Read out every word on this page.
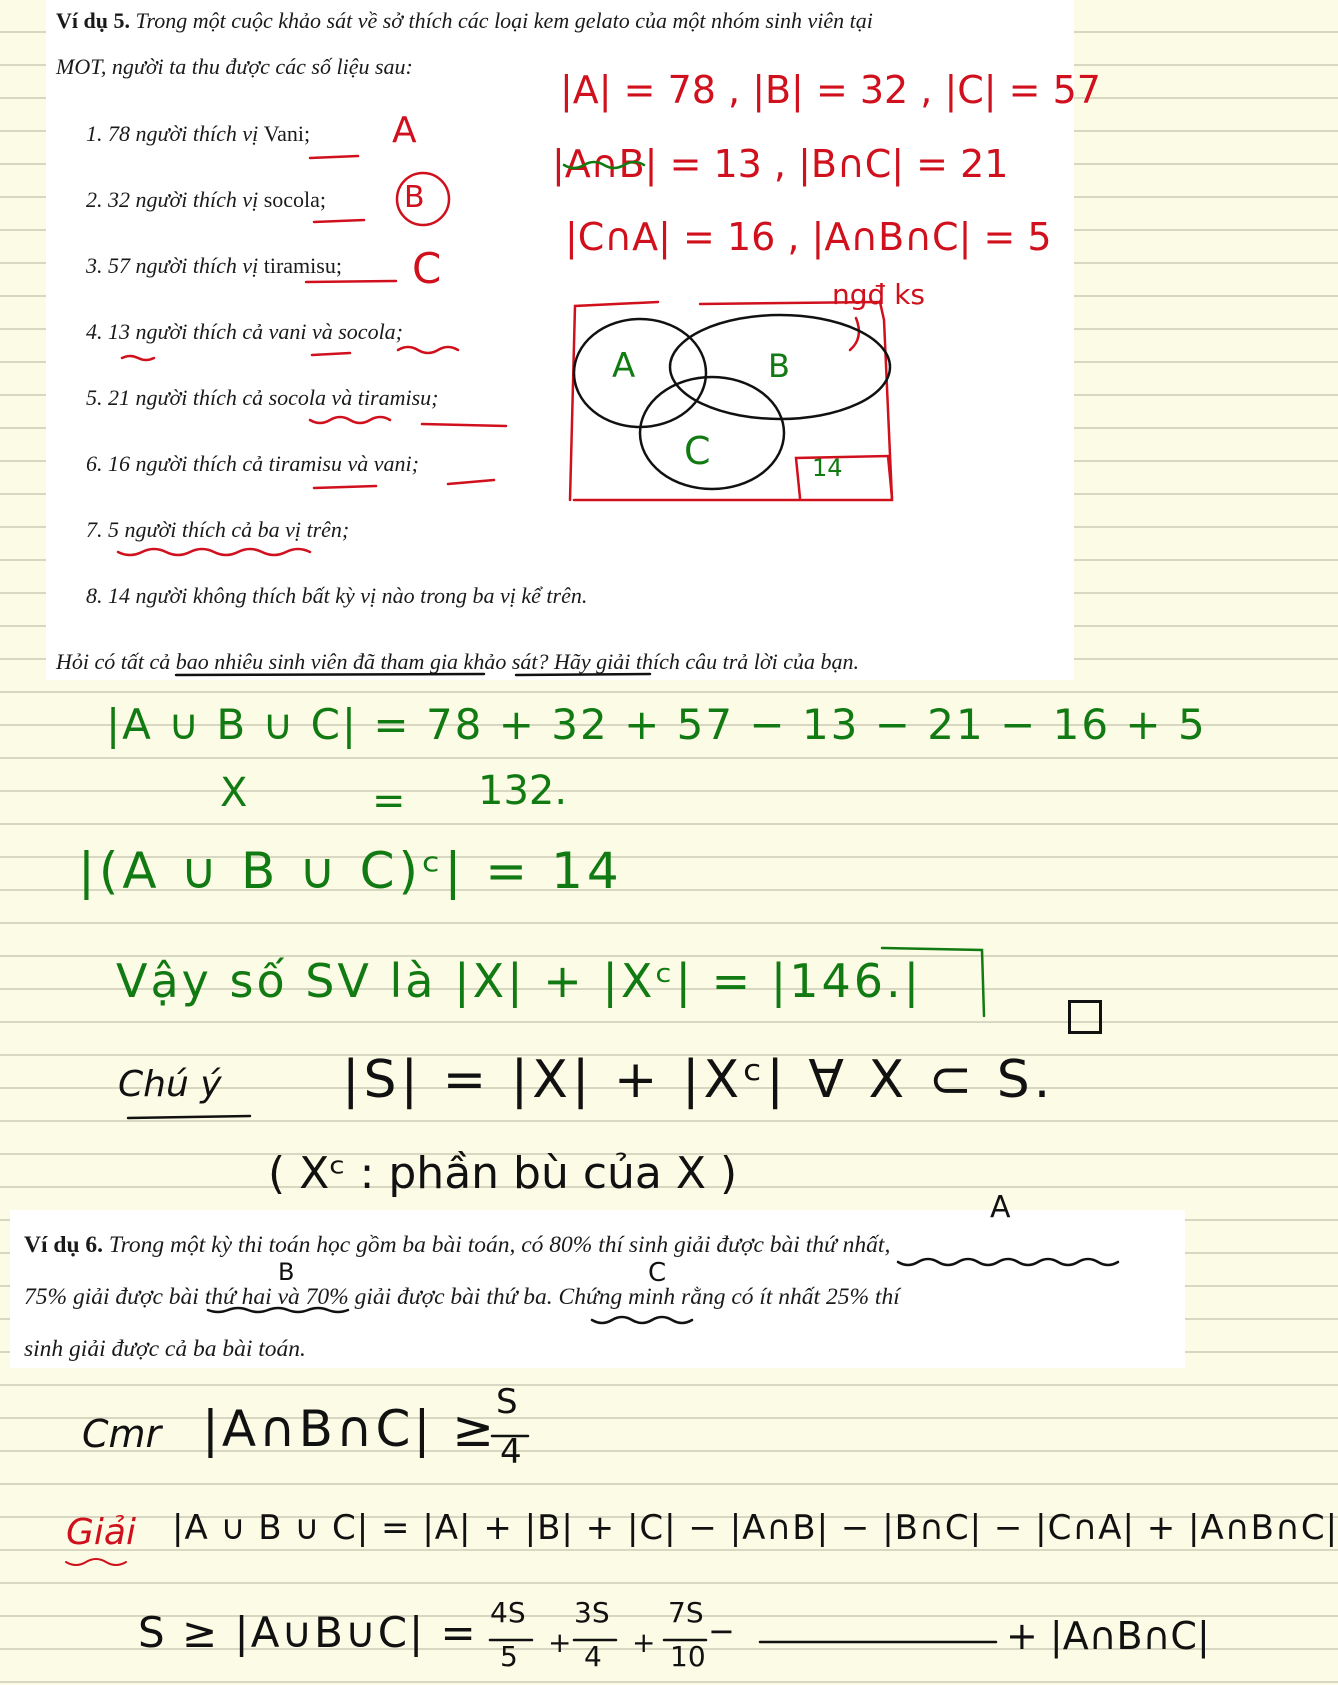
Ví dụ 5. Trong một cuộc khảo sát về sở thích các loại kem gelato của một nhóm sinh viên tại
MOT, người ta thu được các số liệu sau:
1. 78 người thích vị Vani;
2. 32 người thích vị socola;
3. 57 người thích vị tiramisu;
4. 13 người thích cả vani và socola;
5. 21 người thích cả socola và tiramisu;
6. 16 người thích cả tiramisu và vani;
7. 5 người thích cả ba vị trên;
8. 14 người không thích bất kỳ vị nào trong ba vị kể trên.
Hỏi có tất cả bao nhiêu sinh viên đã tham gia khảo sát? Hãy giải thích câu trả lời của bạn.
A
B
C
|A| = 78 , |B| = 32 , |C| = 57
|A∩B| = 13 , |B∩C| = 21
|C∩A| = 16 , |A∩B∩C| = 5
ngđ ks
A	B
C	14
|A ∪ B ∪ C| = 78 + 32 + 57 − 13 − 21 − 16 + 5
X	= 132.
|(A ∪ B ∪ C)ᶜ| = 14
Vậy số SV là |X| + |Xᶜ| = |146.|
Chú ý |S| = |X| + |Xᶜ| ∀ X ⊂ S.
( Xᶜ : phần bù của X )
Ví dụ 6. Trong một kỳ thi toán học gồm ba bài toán, có 80% thí sinh giải được bài thứ nhất,
75% giải được bài thứ hai và 70% giải được bài thứ ba. Chứng minh rằng có ít nhất 25% thí
sinh giải được cả ba bài toán.
A
B	C
Cmr |A∩B∩C| ≥
S
4
Giải |A ∪ B ∪ C| = |A| + |B| + |C| − |A∩B| − |B∩C| − |C∩A| + |A∩B∩C|
S ≥ |A∪B∪C| = 4S
5 +
3S
4 +
7S
10
−	+ |A∩B∩C|
